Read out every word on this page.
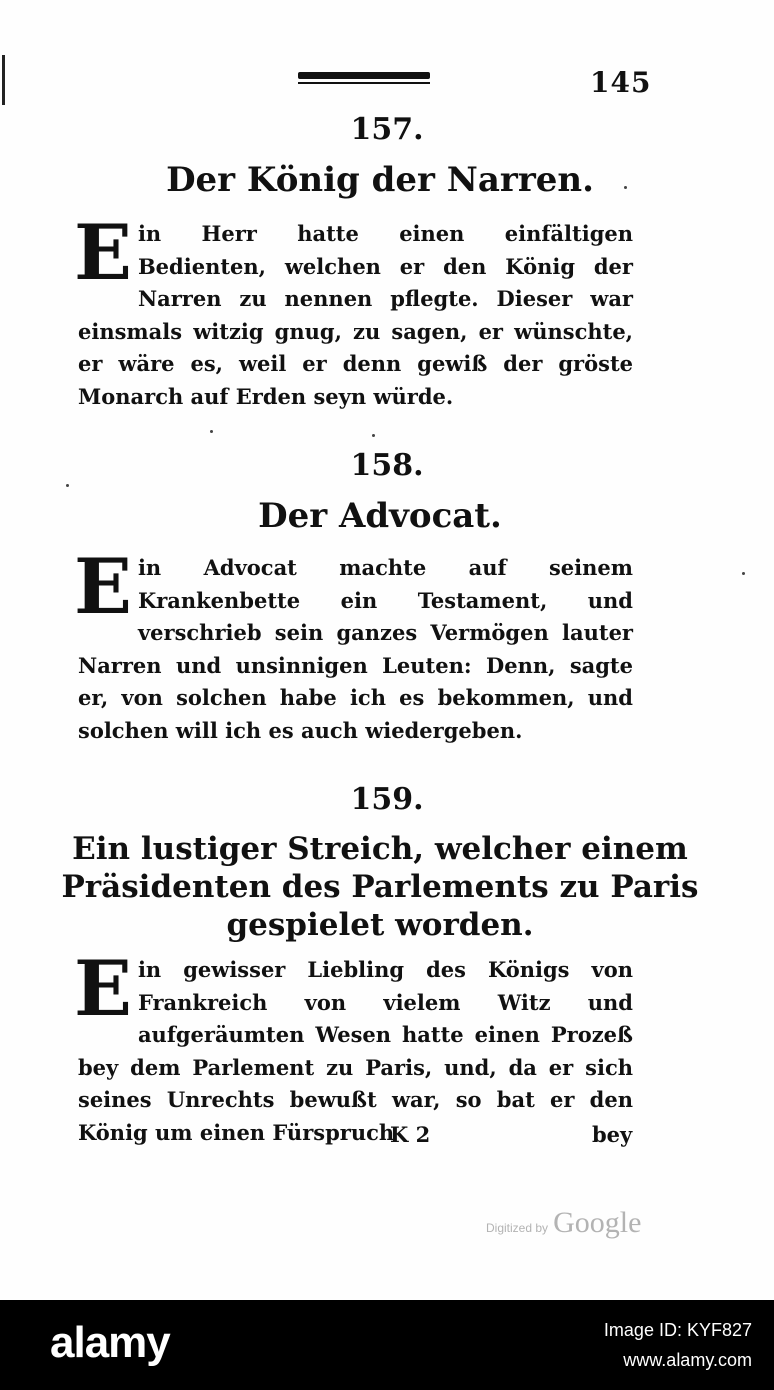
145
157.
Der König der Narren.
Ein Herr hatte einen einfältigen Bedienten, welchen er den König der Narren zu nennen pflegte. Dieser war einsmals witzig gnug, zu sagen, er wünschte, er wäre es, weil er denn gewiß der gröste Monarch auf Erden seyn würde.
158.
Der Advocat.
Ein Advocat machte auf seinem Krankenbette ein Testament, und verschrieb sein ganzes Vermögen lauter Narren und unsinnigen Leuten: Denn, sagte er, von solchen habe ich es bekommen, und solchen will ich es auch wiedergeben.
159.
Ein lustiger Streich, welcher einem Präsidenten des Parlements zu Paris gespielet worden.
Ein gewisser Liebling des Königs von Frankreich von vielem Witz und aufgeräumten Wesen hatte einen Prozeß bey dem Parlement zu Paris, und, da er sich seines Unrechts bewußt war, so bat er den König um einen Fürspruch
K 2	bey
Digitized by Google
alamy	Image ID: KYF827
www.alamy.com
